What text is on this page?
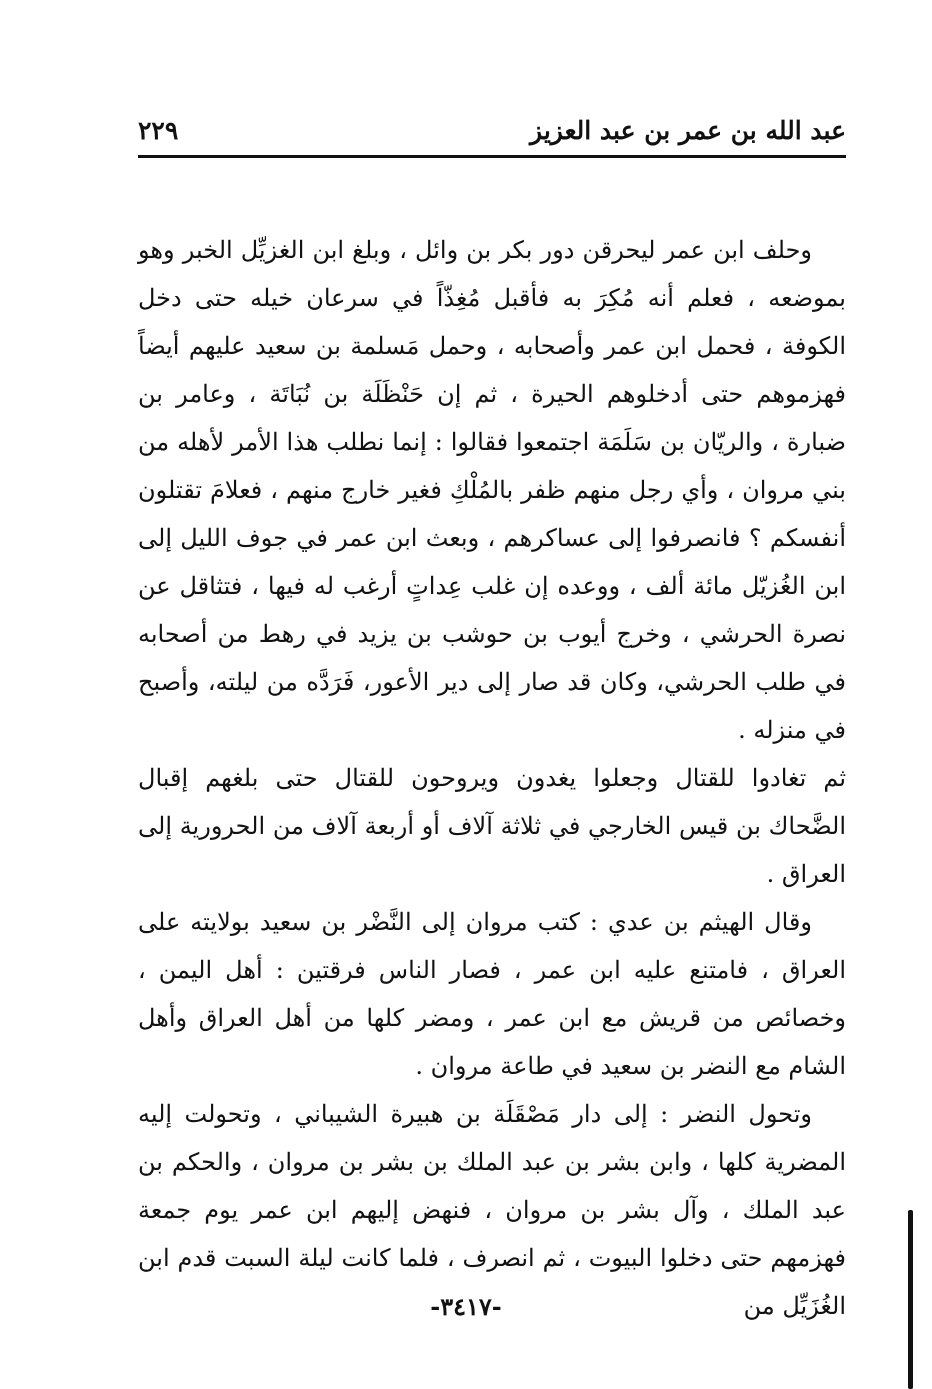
عبد الله بن عمر بن عبد العزيز
٢٢٩

وحلف ابن عمر ليحرقن دور بكر بن وائل ، وبلغ ابن الغزيِّل الخبر وهو بموضعه ، فعلم أنه مُكِرَ به فأقبل مُغِذّاً في سرعان خيله حتى دخل الكوفة ، فحمل ابن عمر وأصحابه ، وحمل مَسلمة بن سعيد عليهم أيضاً فهزموهم حتى أدخلوهم الحيرة ، ثم إن حَنْظَلَة بن نُبَاتَة ، وعامر بن ضبارة ، والريّان بن سَلَمَة اجتمعوا فقالوا : إنما نطلب هذا الأمر لأهله من بني مروان ، وأي رجل منهم ظفر بالمُلْكِ فغير خارج منهم ، فعلامَ تقتلون أنفسكم ؟ فانصرفوا إلى عساكرهم ، وبعث ابن عمر في جوف الليل إلى ابن الغُزيّل مائة ألف ، ووعده إن غلب عِداتٍ أرغب له فيها ، فتثاقل عن نصرة الحرشي ، وخرج أيوب بن حوشب بن يزيد في رهط من أصحابه في طلب الحرشي، وكان قد صار إلى دير الأعور، فَرَدَّه من ليلته، وأصبح في منزله .

ثم تغادوا للقتال وجعلوا يغدون ويروحون للقتال حتى بلغهم إقبال الضَّحاك بن قيس الخارجي في ثلاثة آلاف أو أربعة آلاف من الحرورية إلى العراق .

وقال الهيثم بن عدي : كتب مروان إلى النَّضْر بن سعيد بولايته على العراق ، فامتنع عليه ابن عمر ، فصار الناس فرقتين : أهل اليمن ، وخصائص من قريش مع ابن عمر ، ومضر كلها من أهل العراق وأهل الشام مع النضر بن سعيد في طاعة مروان .

وتحول النضر : إلى دار مَصْقَلَة بن هبيرة الشيباني ، وتحولت إليه المضرية كلها ، وابن بشر بن عبد الملك بن بشر بن مروان ، والحكم بن عبد الملك ، وآل بشر بن مروان ، فنهض إليهم ابن عمر يوم جمعة فهزمهم حتى دخلوا البيوت ، ثم انصرف ، فلما كانت ليلة السبت قدم ابن الغُزَيِّل من

-٣٤١٧-
